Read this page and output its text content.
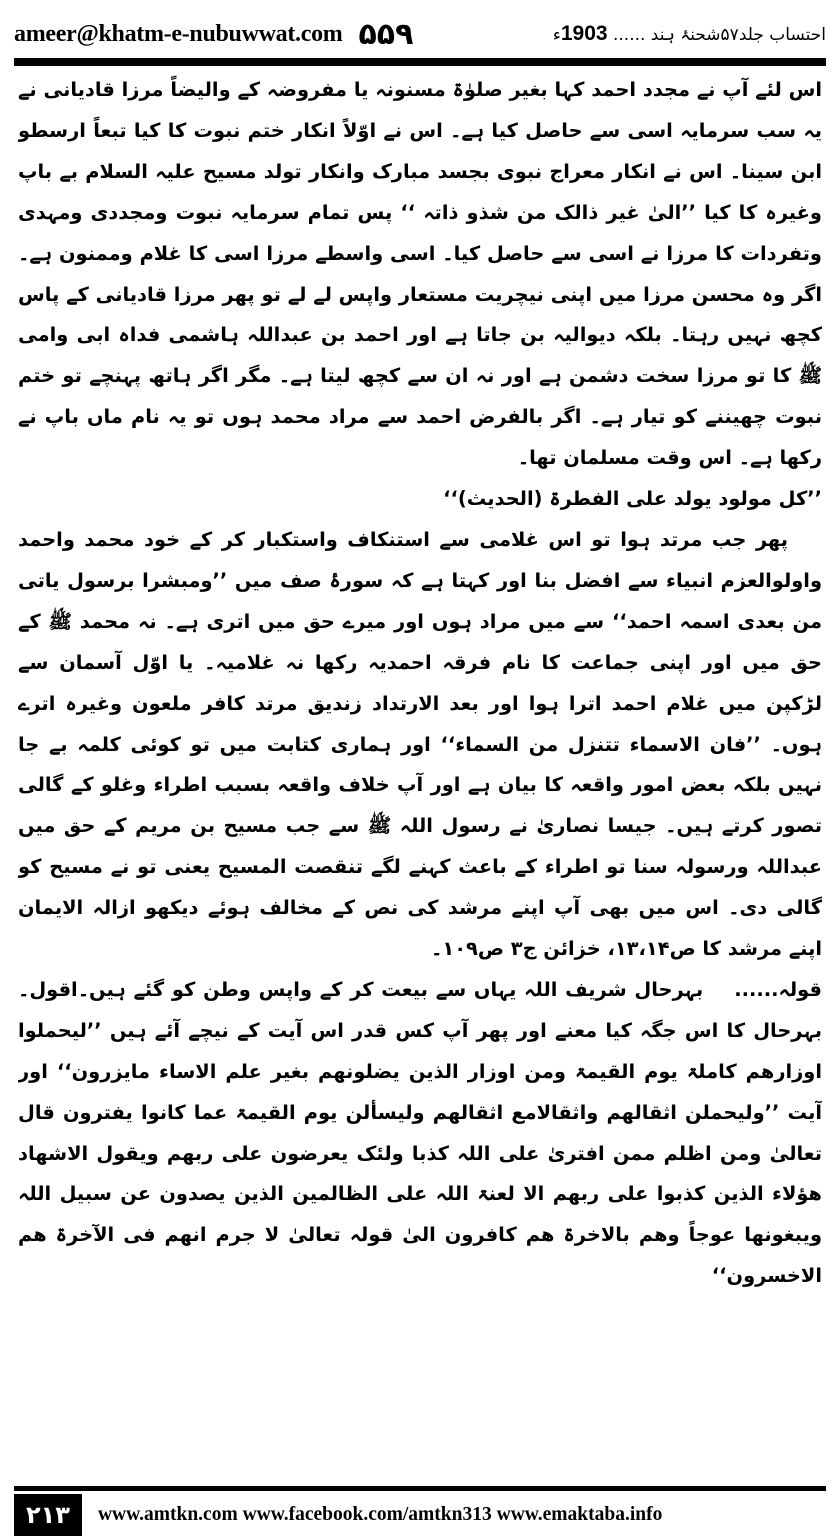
ameer@khatm-e-nubuwwat.com ۵۵۹	احتساب جلد۵۷شحنۂ ہند ...... 1903ء

اس لئے آپ نے مجدد احمد کہا بغیر صلوٰۃ مسنونہ یا مفروضہ کے والیضاً مرزا قادیانی نے یہ سب سرمایہ اسی سے حاصل کیا ہے۔ اس نے اوّلاً انکار ختم نبوت کا کیا تبعاً ارسطو ابن سینا۔ اس نے انکار معراج نبوی بجسد مبارک وانکار تولد مسیح علیہ السلام بے باپ وغیرہ کا کیا ’’الیٰ غیر ذالک من شذو ذاتہ ‘‘ پس تمام سرمایہ نبوت ومجددی ومہدی وتفردات کا مرزا نے اسی سے حاصل کیا۔ اسی واسطے مرزا اسی کا غلام وممنون ہے۔ اگر وہ محسن مرزا میں اپنی نیچریت مستعار واپس لے لے تو پھر مرزا قادیانی کے پاس کچھ نہیں رہتا۔ بلکہ دیوالیہ بن جاتا ہے اور احمد بن عبداللہ ہاشمی فداہ ابی وامی ﷺ کا تو مرزا سخت دشمن ہے اور نہ ان سے کچھ لیتا ہے۔ مگر اگر ہاتھ پہنچے تو ختم نبوت چھیننے کو تیار ہے۔ اگر بالفرض احمد سے مراد محمد ہوں تو یہ نام ماں باپ نے رکھا ہے۔ اس وقت مسلمان تھا۔

’’کل مولود یولد علی الفطرۃ (الحدیث)‘‘

پھر جب مرتد ہوا تو اس غلامی سے استنکاف واستکبار کر کے خود محمد واحمد واولوالعزم انبیاء سے افضل بنا اور کہتا ہے کہ سورۂ صف میں ’’ومبشرا برسول یاتی من بعدی اسمہ احمد‘‘ سے میں مراد ہوں اور میرے حق میں اتری ہے۔ نہ محمد ﷺ کے حق میں اور اپنی جماعت کا نام فرقہ احمدیہ رکھا نہ غلامیہ۔ یا اوّل آسمان سے لڑکپن میں غلام احمد اترا ہوا اور بعد الارتداد زندیق مرتد کافر ملعون وغیرہ اترے ہوں۔ ’’فان الاسماء تتنزل من السماء‘‘ اور ہماری کتابت میں تو کوئی کلمہ بے جا نہیں بلکہ بعض امور واقعہ کا بیان ہے اور آپ خلاف واقعہ بسبب اطراء وغلو کے گالی تصور کرتے ہیں۔ جیسا نصاریٰ نے رسول اللہ ﷺ سے جب مسیح بن مریم کے حق میں عبداللہ ورسولہ سنا تو اطراء کے باعث کہنے لگے تنقصت المسیح یعنی تو نے مسیح کو گالی دی۔ اس میں بھی آپ اپنے مرشد کی نص کے مخالف ہوئے دیکھو ازالہ الایمان اپنے مرشد کا ص۱۳،۱۴، خزائن ج۳ ص۱۰۹۔

قولہ......    بہرحال شریف اللہ یہاں سے بیعت کر کے واپس وطن کو گئے ہیں۔اقول۔ بہرحال کا اس جگہ کیا معنے اور پھر آپ کس قدر اس آیت کے نیچے آئے ہیں ’’لیحملوا اوزارھم کاملۃ یوم القیمۃ ومن اوزار الذین یضلونھم بغیر علم الاساء مایزرون‘‘ اور آیت ’’ولیحملن اثقالھم واثقالامع اثقالھم ولیسألن یوم القیمۃ عما کانوا یفترون قال تعالیٰ ومن اظلم ممن افتریٰ علی اللہ کذبا ولئک یعرضون علی ربھم ویقول الاشھاد ھؤلاء الذین کذبوا علی ربھم الا لعنۃ اللہ علی الظالمین الذین یصدون عن سبیل اللہ ویبغونھا عوجاً وھم بالاخرۃ ھم کافرون الیٰ قولہ تعالیٰ لا جرم انھم فی الآخرۃ ھم الاخسرون‘‘

۲۱۳	www.amtkn.com www.facebook.com/amtkn313 www.emaktaba.info
